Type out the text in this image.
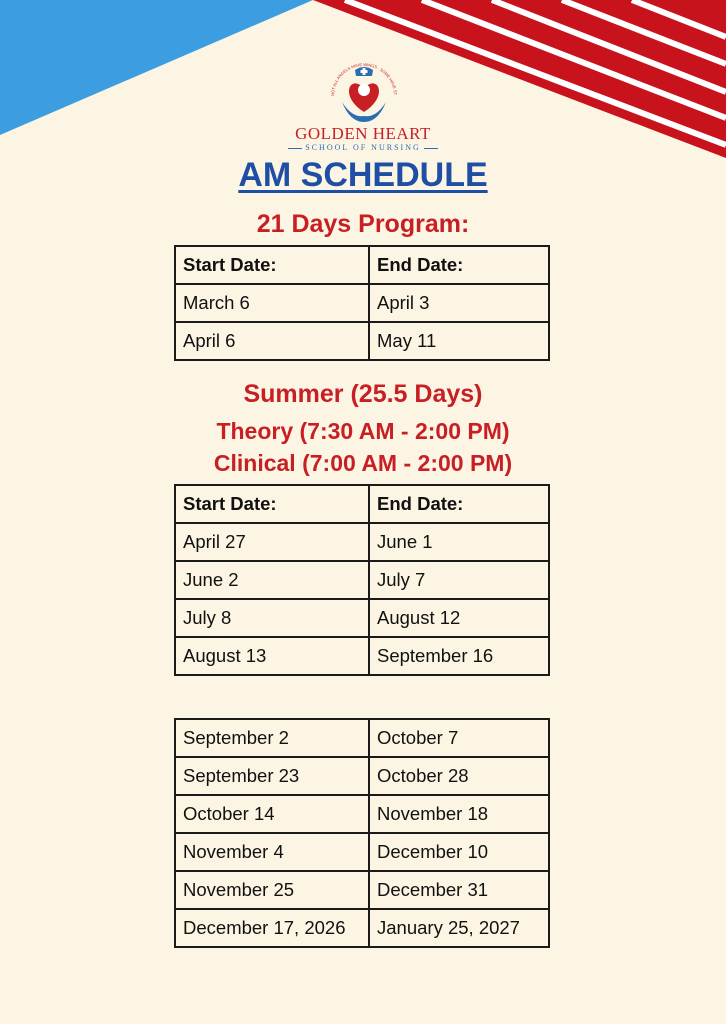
NOT ALL ANGELS HAVE WINGS · SOME HAVE ST
GOLDEN HEART
SCHOOL OF NURSING
AM SCHEDULE
21 Days Program:
Start Date:	End Date:
March 6	April 3
April 6	May 11
Summer (25.5 Days)
Theory (7:30 AM - 2:00 PM)
Clinical (7:00 AM - 2:00 PM)
Start Date:	End Date:
April 27	June 1
June 2	July 7
July 8	August 12
August 13	September 16
September 2	October 7
September 23	October 28
October 14	November 18
November 4	December 10
November 25	December 31
December 17, 2026	January 25, 2027
